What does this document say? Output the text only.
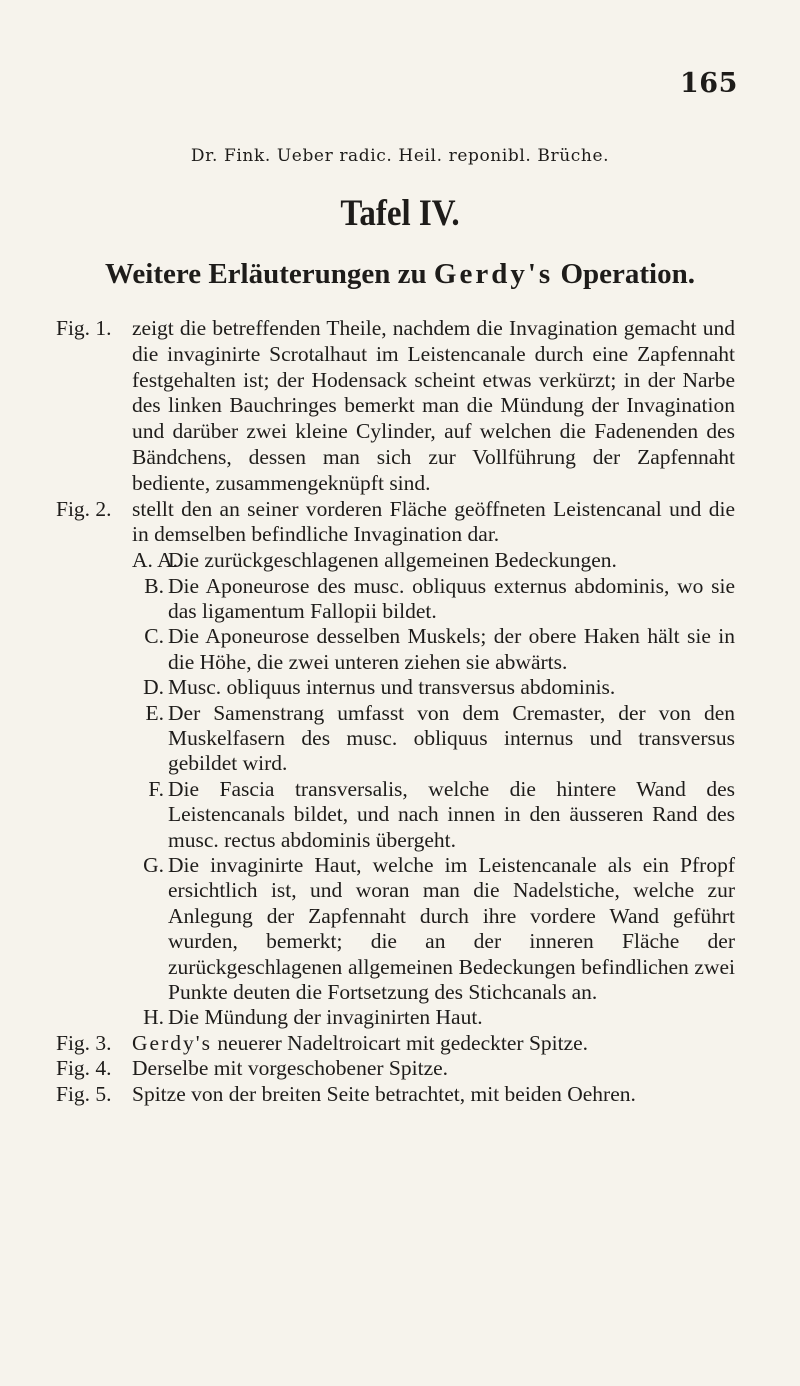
165
Dr. Fink. Ueber radic. Heil. reponibl. Brüche.
Tafel IV.
Weitere Erläuterungen zu Gerdy's Operation.
Fig. 1. zeigt die betreffenden Theile, nachdem die Invagination gemacht und die invaginirte Scrotalhaut im Leistencanale durch eine Zapfennaht festgehalten ist; der Hodensack scheint etwas verkürzt; in der Narbe des linken Bauchringes bemerkt man die Mündung der Invagination und darüber zwei kleine Cylinder, auf welchen die Fadenenden des Bändchens, dessen man sich zur Vollführung der Zapfennaht bediente, zusammengeknüpft sind.
Fig. 2. stellt den an seiner vorderen Fläche geöffneten Leistencanal und die in demselben befindliche Invagination dar.
A. A.
Die zurückgeschlagenen allgemeinen Bedeckungen.
B. Die Aponeurose des musc. obliquus externus abdominis, wo sie das ligamentum Fallopii bildet.
C. Die Aponeurose desselben Muskels; der obere Haken hält sie in die Höhe, die zwei unteren ziehen sie abwärts.
D. Musc. obliquus internus und transversus abdominis.
E. Der Samenstrang umfasst von dem Cremaster, der von den Muskelfasern des musc. obliquus internus und transversus gebildet wird.
F. Die Fascia transversalis, welche die hintere Wand des Leistencanals bildet, und nach innen in den äusseren Rand des musc. rectus abdominis übergeht.
G. Die invaginirte Haut, welche im Leistencanale als ein Pfropf ersichtlich ist, und woran man die Nadelstiche, welche zur Anlegung der Zapfennaht durch ihre vordere Wand geführt wurden, bemerkt; die an der inneren Fläche der zurückgeschlagenen allgemeinen Bedeckungen befindlichen zwei Punkte deuten die Fortsetzung des Stichcanals an.
H. Die Mündung der invaginirten Haut.
Fig. 3. Gerdy's neuerer Nadeltroicart mit gedeckter Spitze.
Fig. 4. Derselbe mit vorgeschobener Spitze.
Fig. 5. Spitze von der breiten Seite betrachtet, mit beiden Oehren.
